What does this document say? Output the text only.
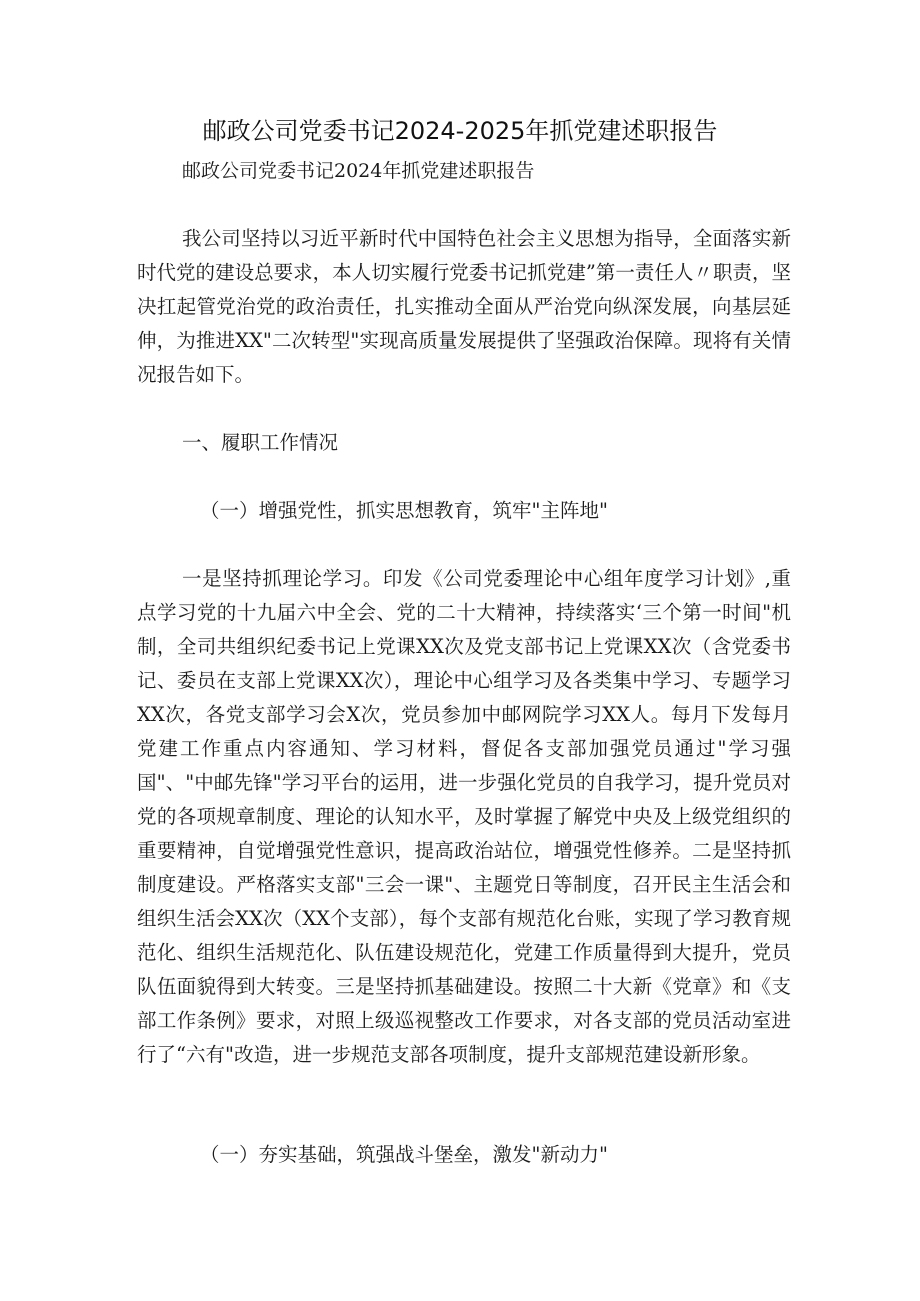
邮政公司党委书记2024-2025年抓党建述职报告
邮政公司党委书记2024年抓党建述职报告

我公司坚持以习近平新时代中国特色社会主义思想为指导，全面落实新时代党的建设总要求，本人切实履行党委书记抓党建”第一责任人〃职责，坚决扛起管党治党的政治责任，扎实推动全面从严治党向纵深发展，向基层延伸，为推进XX"二次转型"实现高质量发展提供了坚强政治保障。现将有关情况报告如下。

一、履职工作情况

（一）增强党性，抓实思想教育，筑牢"主阵地"

一是坚持抓理论学习。印发《公司党委理论中心组年度学习计划》,重点学习党的十九届六中全会、党的二十大精神，持续落实‘三个第一时间"机制，全司共组织纪委书记上党课XX次及党支部书记上党课XX次（含党委书记、委员在支部上党课XX次），理论中心组学习及各类集中学习、专题学习XX次，各党支部学习会X次，党员参加中邮网院学习XX人。每月下发每月党建工作重点内容通知、学习材料，督促各支部加强党员通过"学习强国"、"中邮先锋"学习平台的运用，进一步强化党员的自我学习，提升党员对党的各项规章制度、理论的认知水平，及时掌握了解党中央及上级党组织的重要精神，自觉增强党性意识，提高政治站位，增强党性修养。二是坚持抓制度建设。严格落实支部"三会一课"、主题党日等制度，召开民主生活会和组织生活会XX次（XX个支部），每个支部有规范化台账，实现了学习教育规范化、组织生活规范化、队伍建设规范化，党建工作质量得到大提升，党员队伍面貌得到大转变。三是坚持抓基础建设。按照二十大新《党章》和《支部工作条例》要求，对照上级巡视整改工作要求，对各支部的党员活动室进行了“六有"改造，进一步规范支部各项制度，提升支部规范建设新形象。

（一）夯实基础，筑强战斗堡垒，激发"新动力"
